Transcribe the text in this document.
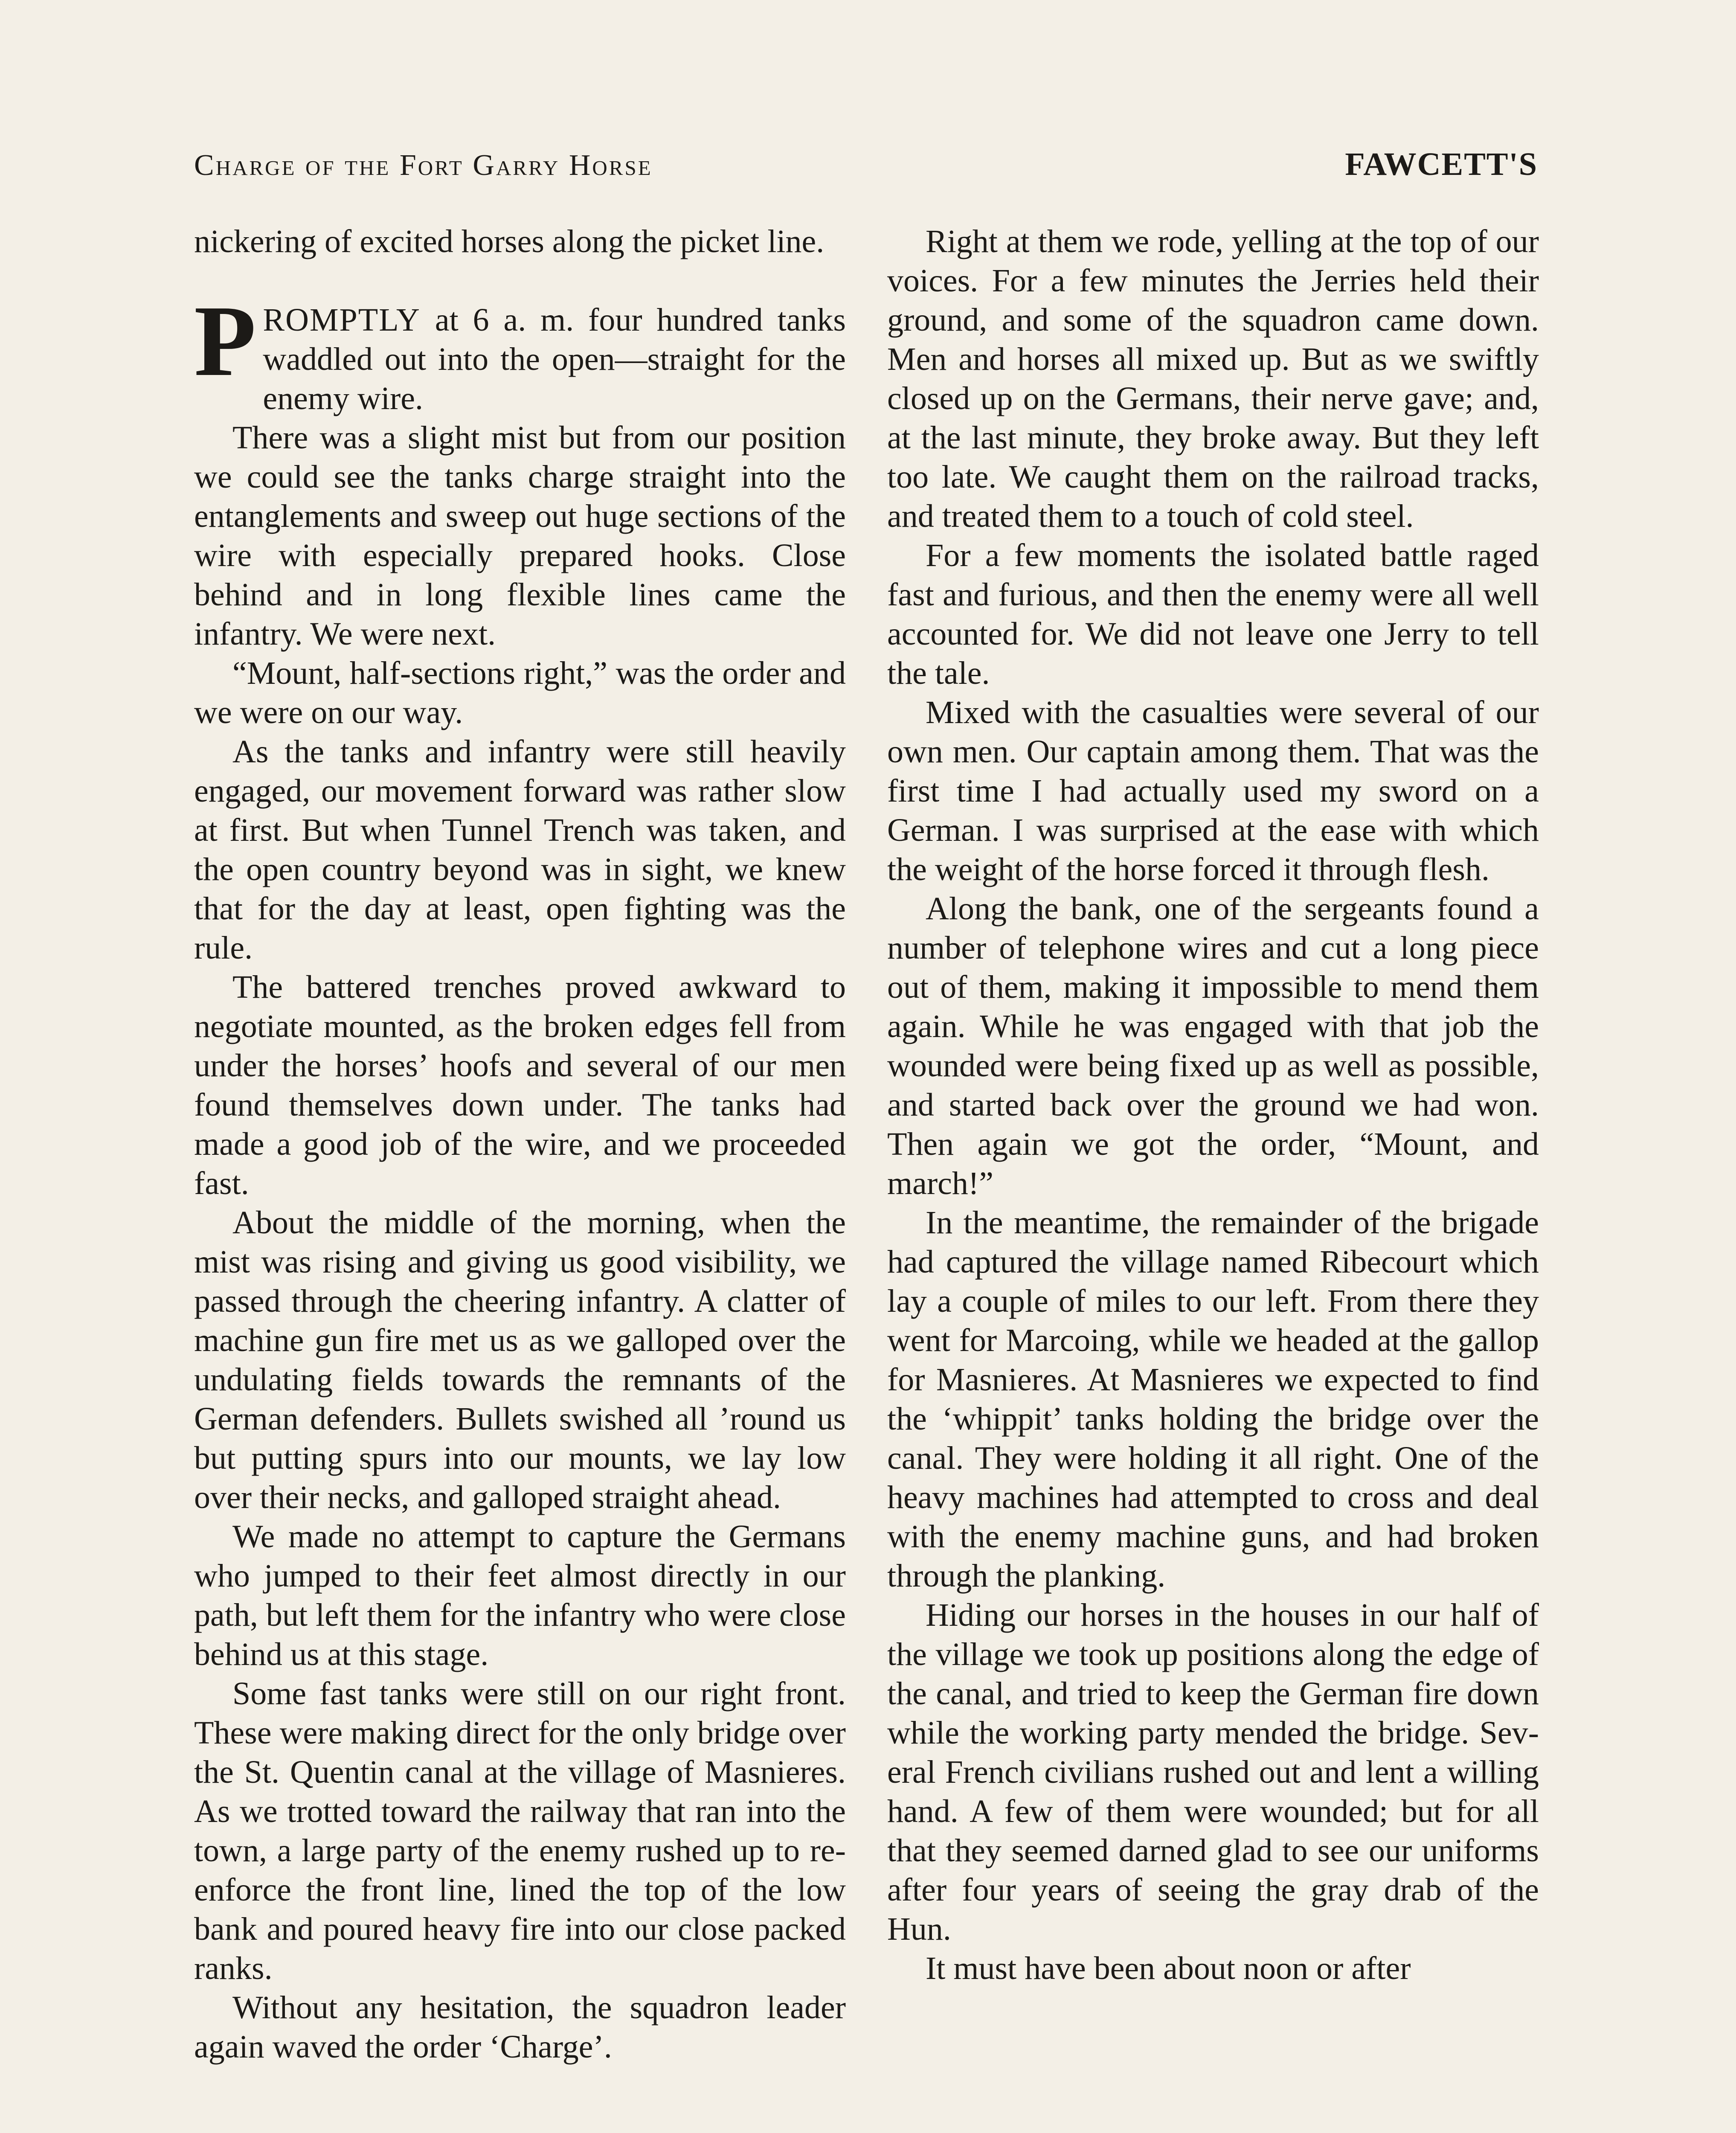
Charge of the Fort Garry Horse	FAWCETT'S

nickering of excited horses along the picket line.

PROMPTLY at 6 a. m. four hundred tanks waddled out into the open—straight for the enemy wire.

There was a slight mist but from our position we could see the tanks charge straight into the entanglements and sweep out huge sections of the wire with especially prepared hooks. Close behind and in long flexible lines came the infantry. We were next.

“Mount, half-sections right,” was the order and we were on our way.

As the tanks and infantry were still heavily engaged, our movement forward was rather slow at first. But when Tunnel Trench was taken, and the open country beyond was in sight, we knew that for the day at least, open fighting was the rule.

The battered trenches proved awkward to negotiate mounted, as the broken edges fell from under the horses’ hoofs and several of our men found themselves down under. The tanks had made a good job of the wire, and we proceeded fast.

About the middle of the morning, when the mist was rising and giving us good visibility, we passed through the cheering infantry. A clatter of machine gun fire met us as we galloped over the undulating fields towards the remnants of the German defenders. Bullets swished all ’round us but putting spurs into our mounts, we lay low over their necks, and galloped straight ahead.

We made no attempt to capture the Germans who jumped to their feet almost directly in our path, but left them for the infantry who were close behind us at this stage.

Some fast tanks were still on our right front. These were making direct for the only bridge over the St. Quentin canal at the village of Masnieres. As we trotted toward the railway that ran into the town, a large party of the enemy rushed up to reenforce the front line, lined the top of the low bank and poured heavy fire into our close packed ranks.

Without any hesitation, the squadron leader again waved the order ‘Charge’.

Right at them we rode, yelling at the top of our voices. For a few minutes the Jerries held their ground, and some of the squadron came down. Men and horses all mixed up. But as we swiftly closed up on the Germans, their nerve gave; and, at the last minute, they broke away. But they left too late. We caught them on the railroad tracks, and treated them to a touch of cold steel.

For a few moments the isolated battle raged fast and furious, and then the enemy were all well accounted for. We did not leave one Jerry to tell the tale.

Mixed with the casualties were several of our own men. Our captain among them. That was the first time I had actually used my sword on a German. I was surprised at the ease with which the weight of the horse forced it through flesh.

Along the bank, one of the sergeants found a number of telephone wires and cut a long piece out of them, making it impossible to mend them again. While he was engaged with that job the wounded were being fixed up as well as possible, and started back over the ground we had won. Then again we got the order, “Mount, and march!”

In the meantime, the remainder of the brigade had captured the village named Ribecourt which lay a couple of miles to our left. From there they went for Marcoing, while we headed at the gallop for Masnieres. At Masnieres we expected to find the ‘whippit’ tanks holding the bridge over the canal. They were holding it all right. One of the heavy machines had attempted to cross and deal with the enemy machine guns, and had broken through the planking.

Hiding our horses in the houses in our half of the village we took up positions along the edge of the canal, and tried to keep the German fire down while the working party mended the bridge. Several French civilians rushed out and lent a willing hand. A few of them were wounded; but for all that they seemed darned glad to see our uniforms after four years of seeing the gray drab of the Hun.

It must have been about noon or after
